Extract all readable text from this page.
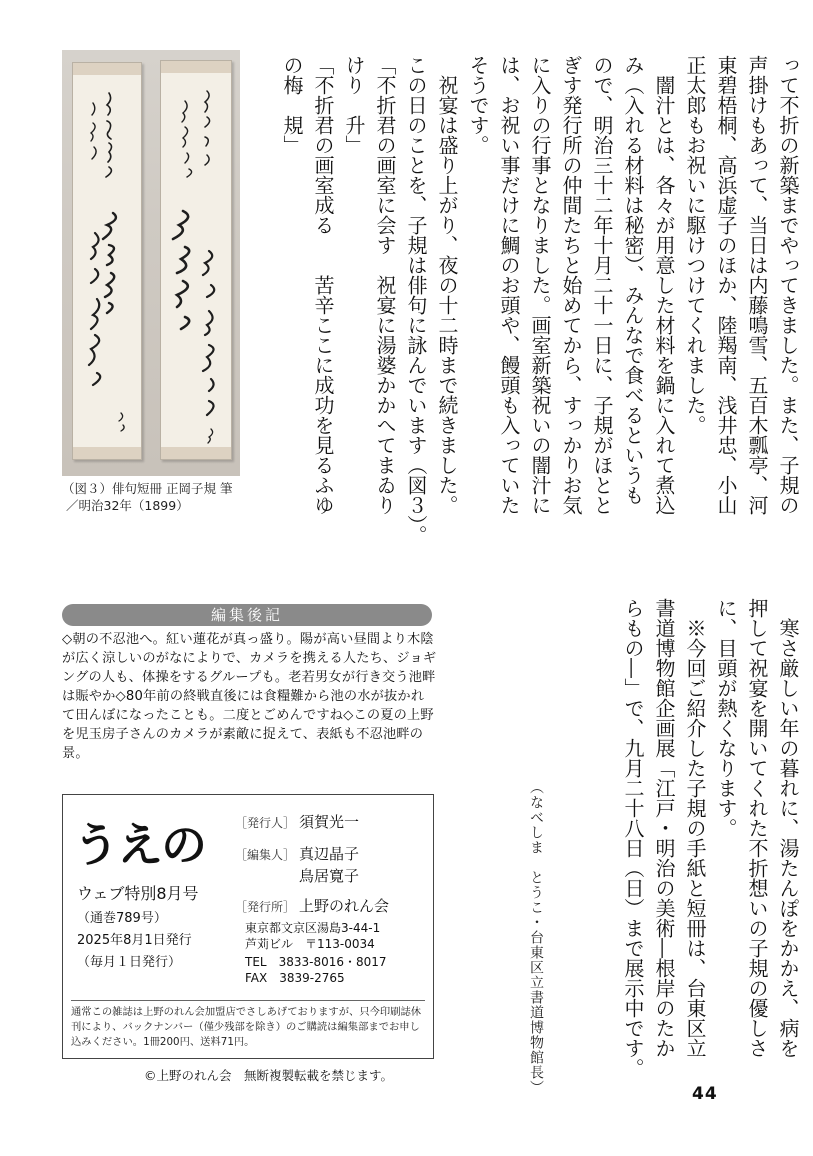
って不折の新築までやってきました。また、子規の
声掛けもあって、当日は内藤鳴雪、五百木瓢亭、河
東碧梧桐、高浜虚子のほか、陸羯南、浅井忠、小山
正太郎もお祝いに駆けつけてくれました。
　闇汁とは、各々が用意した材料を鍋に入れて煮込
み（入れる材料は秘密）、みんなで食べるというも
ので、明治三十二年十月二十一日に、子規がほとと
ぎす発行所の仲間たちと始めてから、すっかりお気
に入りの行事となりました。画室新築祝いの闇汁に
は、お祝い事だけに鯛のお頭や、饅頭も入っていた
そうです。
　祝宴は盛り上がり、夜の十二時まで続きました。
この日のことを、子規は俳句に詠んでいます（図３）。
「不折君の画室に会す　祝宴に湯婆かかへてまゐり
けり　升」
「不折君の画室成る　　苦辛ここに成功を見るふゆ
の梅　規」
　寒さ厳しい年の暮れに、湯たんぽをかかえ、病を
押して祝宴を開いてくれた不折想いの子規の優しさ
に、目頭が熱くなります。
　※今回ご紹介した子規の手紙と短冊は、台東区立
書道博物館企画展「江戸・明治の美術―根岸のたか
らもの―」で、九月二十八日（日）まで展示中です。
（なべしま　とうこ・台東区立書道博物館長）
（図３）俳句短冊 正岡子規 筆
／明治32年（1899）
編集後記
◇朝の不忍池へ。紅い蓮花が真っ盛り。陽が高い昼間より木陰が広く涼しいのがなによりで、カメラを携える人たち、ジョギングの人も、体操をするグループも。老若男女が行き交う池畔は賑やか◇80年前の終戦直後には食糧難から池の水が抜かれて田んぼになったことも。二度とごめんですね◇この夏の上野を児玉房子さんのカメラが素敵に捉えて、表紙も不忍池畔の景。
うえの
ウェブ特別8月号
（通巻789号）
2025年8月1日発行
（毎月１日発行）
［発行人］ 須賀光一
［編集人］ 真辺晶子
鳥居寛子
［発行所］ 上野のれん会
東京都文京区湯島3-44-1
芦苅ビル　〒113-0034
TEL　3833-8016・8017
FAX　3839-2765
通常この雑誌は上野のれん会加盟店でさしあげておりますが、只今印刷誌休刊により、バックナンバー（僅少残部を除き）のご購読は編集部までお申し込みください。1冊200円、送料71円。
©上野のれん会　無断複製転載を禁じます。
44
